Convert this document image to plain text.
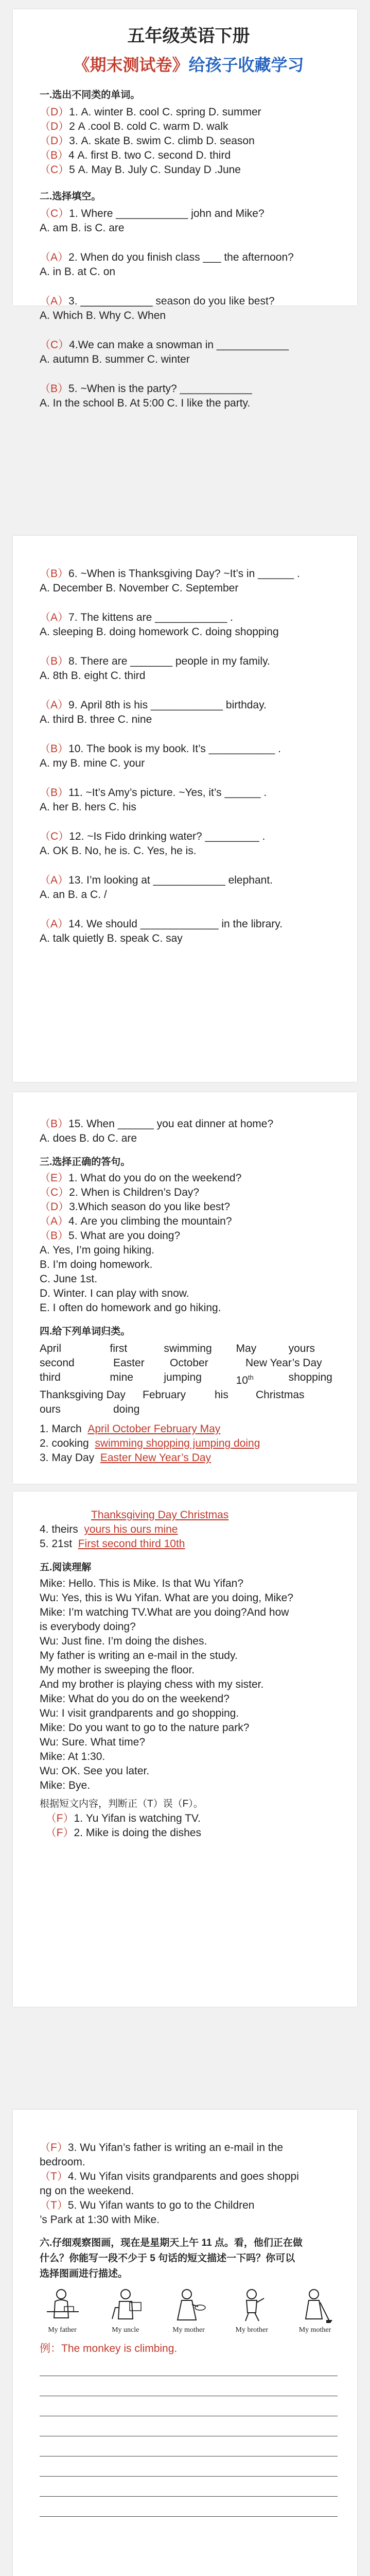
五年级英语下册

《期末测试卷》给孩子收藏学习

一.选出不同类的单词。

（D）1. A. winter B. cool C. spring D. summer

（D）2 A .cool B. cold C. warm D. walk

（D）3. A. skate B. swim C. climb D. season

（B）4 A. first B. two C. second D. third

（C）5 A. May B. July C. Sunday D .June

二.选择填空。

（C）1. Where ____________ john and Mike?

A. am B. is C. are

（A）2. When do you finish class ___ the afternoon?

A. in B. at C. on

（A）3. ____________ season do you like best?

A. Which B. Why C. When

（C）4.We can make a snowman in ____________

A. autumn B. summer C. winter

（B）5. ~When is the party? ____________

A. In the school B. At 5:00 C. I like the party.

（B）6. ~When is Thanksgiving Day? ~It’s in ______ .

A. December B. November C. September

（A）7. The kittens are ____________ .

A. sleeping B. doing homework C. doing shopping

（B）8. There are _______ people in my family.

A. 8th B. eight C. third

（A）9. April 8th is his ____________ birthday.

A. third B. three C. nine

（B）10. The book is my book. It’s ___________ .

A. my B. mine C. your

（B）11. ~It’s Amy’s picture. ~Yes, it’s ______ .

A. her B. hers C. his

（C）12. ~Is Fido drinking water? _________ .

A. OK B. No, he is. C. Yes, he is.

（A）13. I’m looking at ____________ elephant.

A. an B. a C. /

（A）14. We should _____________ in the library.

A. talk quietly B. speak C. say

（B）15. When ______ you eat dinner at home?

A. does B. do C. are

三.选择正确的答句。

（E）1. What do you do on the weekend?

（C）2. When is Children’s Day?

（D）3.Which season do you like best?

（A）4. Are you climbing the mountain?

（B）5. What are you doing?

A. Yes, I’m going hiking.

B. I’m doing homework.

C. June 1st.

D. Winter. I can play with snow.

E. I often do homework and go hiking.

四.给下列单词归类。

April	first	swimming	May	yours
second	Easter	October	New Year’s Day
third	mine	jumping	10th	shopping
Thanksgiving Day	February	his	Christmas
ours	doing

1. March April October February May

2. cooking swimming shopping jumping doing

3. May Day Easter New Year’s Day

Thanksgiving Day Christmas

4. theirs yours his ours mine

5. 21st First second third 10th

五.阅读理解

Mike: Hello. This is Mike. Is that Wu Yifan?

Wu: Yes, this is Wu Yifan. What are you doing, Mike?

Mike: I’m watching TV.What are you doing?And how

is everybody doing?

Wu: Just fine. I’m doing the dishes.

My father is writing an e-mail in the study.

My mother is sweeping the floor.

And my brother is playing chess with my sister.

Mike: What do you do on the weekend?

Wu: I visit grandparents and go shopping.

Mike: Do you want to go to the nature park?

Wu: Sure. What time?

Mike: At 1:30.

Wu: OK. See you later.

Mike: Bye.

根据短文内容，判断正（T）误（F）。

（F）1. Yu Yifan is watching TV.

（F）2. Mike is doing the dishes

（F）3. Wu Yifan’s father is writing an e-mail in the

bedroom.

（T）4. Wu Yifan visits grandparents and goes shoppi

ng on the weekend.

（T）5. Wu Yifan wants to go to the Children

’s Park at 1:30 with Mike.

六.仔细观察图画，现在是星期天上午 11 点。看，他们正在做
什么？你能写一段不少于 5 句话的短文描述一下吗？你可以
选择图画进行描述。

My father	My uncle	My mother	My brother	My mother

例：The monkey is climbing.
